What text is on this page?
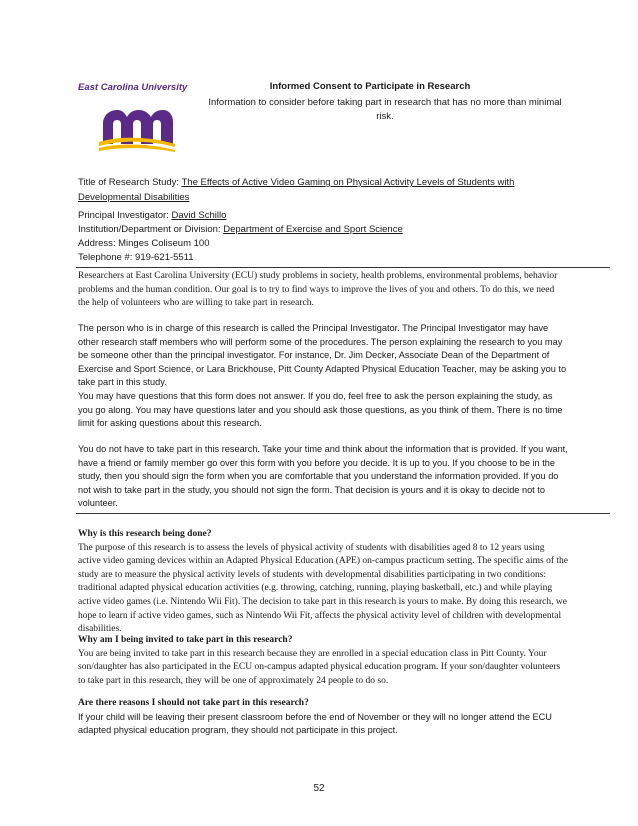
East Carolina University	Informed Consent to Participate in Research
Information to consider before taking part in research that has no more than minimal risk.
Title of Research Study: The Effects of Active Video Gaming on Physical Activity Levels of Students with Developmental Disabilities
Principal Investigator: David Schillo
Institution/Department or Division: Department of Exercise and Sport Science
Address: Minges Coliseum 100
Telephone #: 919-621-5511

Researchers at East Carolina University (ECU) study problems in society, health problems, environmental problems, behavior problems and the human condition. Our goal is to try to find ways to improve the lives of you and others. To do this, we need the help of volunteers who are willing to take part in research.

The person who is in charge of this research is called the Principal Investigator. The Principal Investigator may have other research staff members who will perform some of the procedures. The person explaining the research to you may be someone other than the principal investigator. For instance, Dr. Jim Decker, Associate Dean of the Department of Exercise and Sport Science, or Lara Brickhouse, Pitt County Adapted Physical Education Teacher, may be asking you to take part in this study.

You may have questions that this form does not answer. If you do, feel free to ask the person explaining the study, as you go along. You may have questions later and you should ask those questions, as you think of them. There is no time limit for asking questions about this research.

You do not have to take part in this research. Take your time and think about the information that is provided. If you want, have a friend or family member go over this form with you before you decide. It is up to you. If you choose to be in the study, then you should sign the form when you are comfortable that you understand the information provided. If you do not wish to take part in the study, you should not sign the form. That decision is yours and it is okay to decide not to volunteer.

Why is this research being done?

The purpose of this research is to assess the levels of physical activity of students with disabilities aged 8 to 12 years using active video gaming devices within an Adapted Physical Education (APE) on-campus practicum setting. The specific aims of the study are to measure the physical activity levels of students with developmental disabilities participating in two conditions: traditional adapted physical education activities (e.g. throwing, catching, running, playing basketball, etc.) and while playing active video games (i.e. Nintendo Wii Fit). The decision to take part in this research is yours to make. By doing this research, we hope to learn if active video games, such as Nintendo Wii Fit, affects the physical activity level of children with developmental disabilities.

Why am I being invited to take part in this research?

You are being invited to take part in this research because they are enrolled in a special education class in Pitt County. Your son/daughter has also participated in the ECU on-campus adapted physical education program. If your son/daughter volunteers to take part in this research, they will be one of approximately 24 people to do so.

Are there reasons I should not take part in this research?

If your child will be leaving their present classroom before the end of November or they will no longer attend the ECU adapted physical education program, they should not participate in this project.

52
